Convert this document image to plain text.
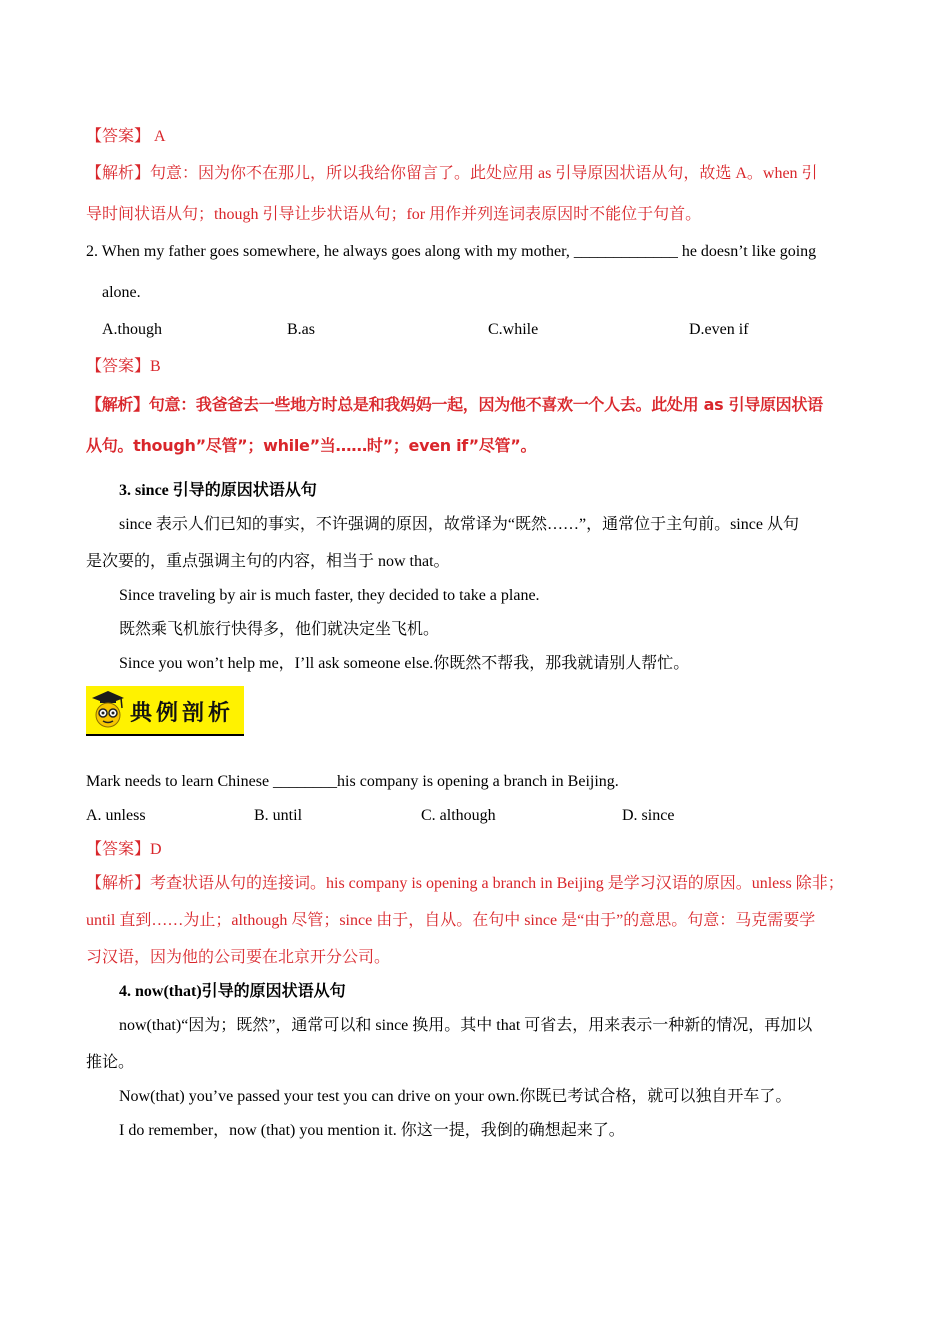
【答案】 A
【解析】句意：因为你不在那儿，所以我给你留言了。此处应用 as 引导原因状语从句，故选 A。when 引
导时间状语从句；though 引导让步状语从句；for 用作并列连词表原因时不能位于句首。
2. When my father goes somewhere, he always goes along with my mother, _____________ he doesn’t like going
alone.
A.though	B.as	C.while	D.even if
【答案】B
【解析】句意：我爸爸去一些地方时总是和我妈妈一起，因为他不喜欢一个人去。此处用 as 引导原因状语
从句。though”尽管”；while”当……时”；even if”尽管”。
3. since 引导的原因状语从句
since 表示人们已知的事实，不许强调的原因，故常译为“既然……”，通常位于主句前。since 从句
是次要的，重点强调主句的内容，相当于 now that。
Since traveling by air is much faster, they decided to take a plane.
既然乘飞机旅行快得多，他们就决定坐飞机。
Since you won’t help me，I’ll ask someone else.你既然不帮我，那我就请别人帮忙。
典例剖析
Mark needs to learn Chinese ________his company is opening a branch in Beijing.
A. unless	B. until	C. although	D. since
【答案】D
【解析】考查状语从句的连接词。his company is opening a branch in Beijing 是学习汉语的原因。unless 除非；
until 直到……为止；although 尽管；since 由于，自从。在句中 since 是“由于”的意思。句意：马克需要学
习汉语，因为他的公司要在北京开分公司。
4. now(that)引导的原因状语从句
now(that)“因为；既然”，通常可以和 since 换用。其中 that 可省去，用来表示一种新的情况，再加以
推论。
Now(that) you’ve passed your test you can drive on your own.你既已考试合格，就可以独自开车了。
I do remember，now (that) you mention it. 你这一提，我倒的确想起来了。
